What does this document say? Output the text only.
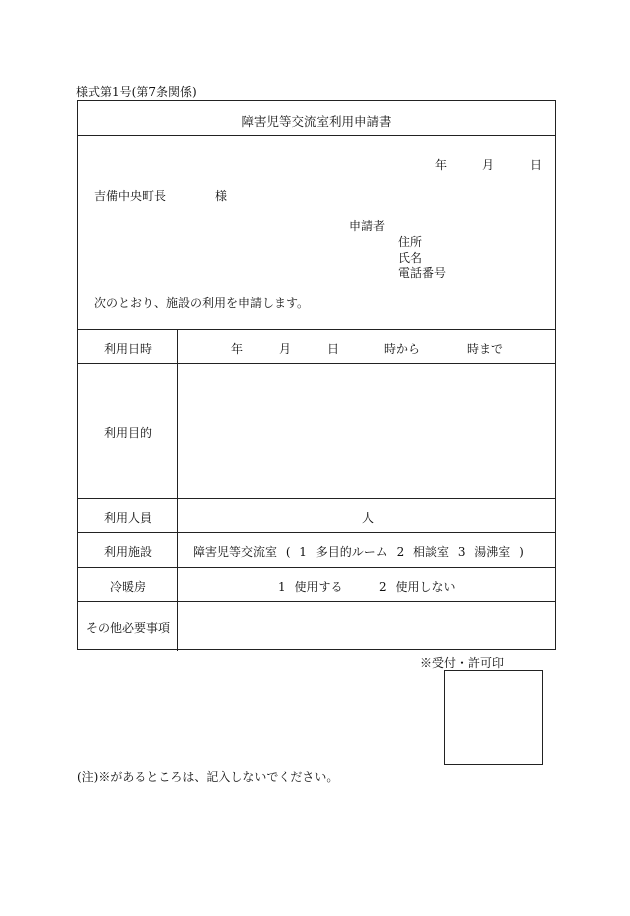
様式第1号(第7条関係)
障害児等交流室利用申請書
年	月	日
吉備中央町長	様
申請者
住所
氏名
電話番号
次のとおり、施設の利用を申請します。
利用日時	年	月	日	時から	時まで
利用目的
利用人員	人
利用施設	障害児等交流室 ( 1 多目的ルーム 2 相談室 3 湯沸室 )
冷暖房	1 使用する	2 使用しない
その他必要事項
※受付・許可印
(注)※があるところは、記入しないでください。
